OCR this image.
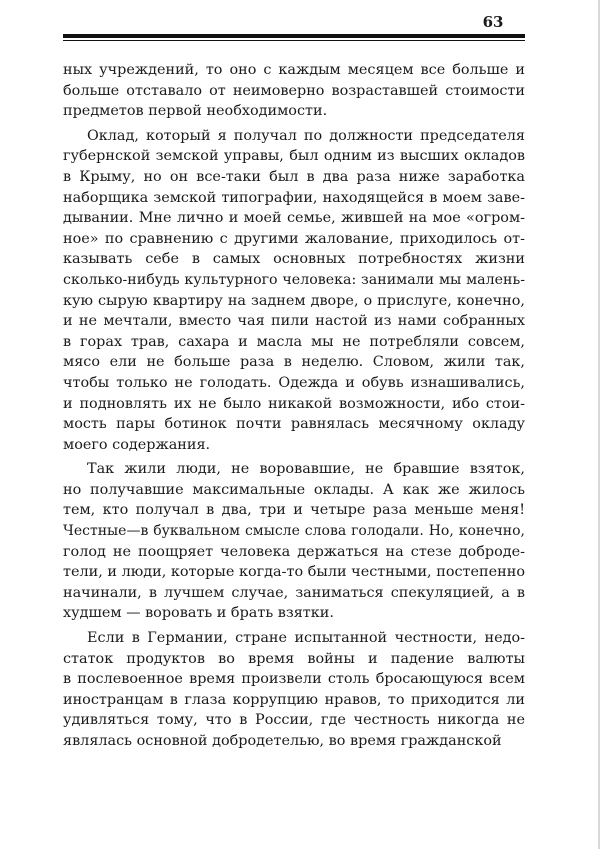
63
ных учреждений, то оно с каждым месяцем все больше и
больше отставало от неимоверно возраставшей стоимости
предметов первой необходимости.
Оклад, который я получал по должности председателя
губернской земской управы, был одним из высших окладов
в Крыму, но он все-таки был в два раза ниже заработка
наборщика земской типографии, находящейся в моем заве-
дывании. Мне лично и моей семье, жившей на мое «огром-
ное» по сравнению с другими жалование, приходилось от-
казывать себе в самых основных потребностях жизни
сколько-нибудь культурного человека: занимали мы малень-
кую сырую квартиру на заднем дворе, о прислуге, конечно,
и не мечтали, вместо чая пили настой из нами собранных
в горах трав, сахара и масла мы не потребляли совсем,
мясо ели не больше раза в неделю. Словом, жили так,
чтобы только не голодать. Одежда и обувь изнашивались,
и подновлять их не было никакой возможности, ибо стои-
мость пары ботинок почти равнялась месячному окладу
моего содержания.
Так жили люди, не воровавшие, не бравшие взяток,
но получавшие максимальные оклады. А как же жилось
тем, кто получал в два, три и четыре раза меньше меня!
Честные—в буквальном смысле слова голодали. Но, конечно,
голод не поощряет человека держаться на стезе доброде-
тели, и люди, которые когда-то были честными, постепенно
начинали, в лучшем случае, заниматься спекуляцией, а в
худшем — воровать и брать взятки.
Если в Германии, стране испытанной честности, недо-
статок продуктов во время войны и падение валюты
в послевоенное время произвели столь бросающуюся всем
иностранцам в глаза коррупцию нравов, то приходится ли
удивляться тому, что в России, где честность никогда не
являлась основной добродетелью, во время гражданской
